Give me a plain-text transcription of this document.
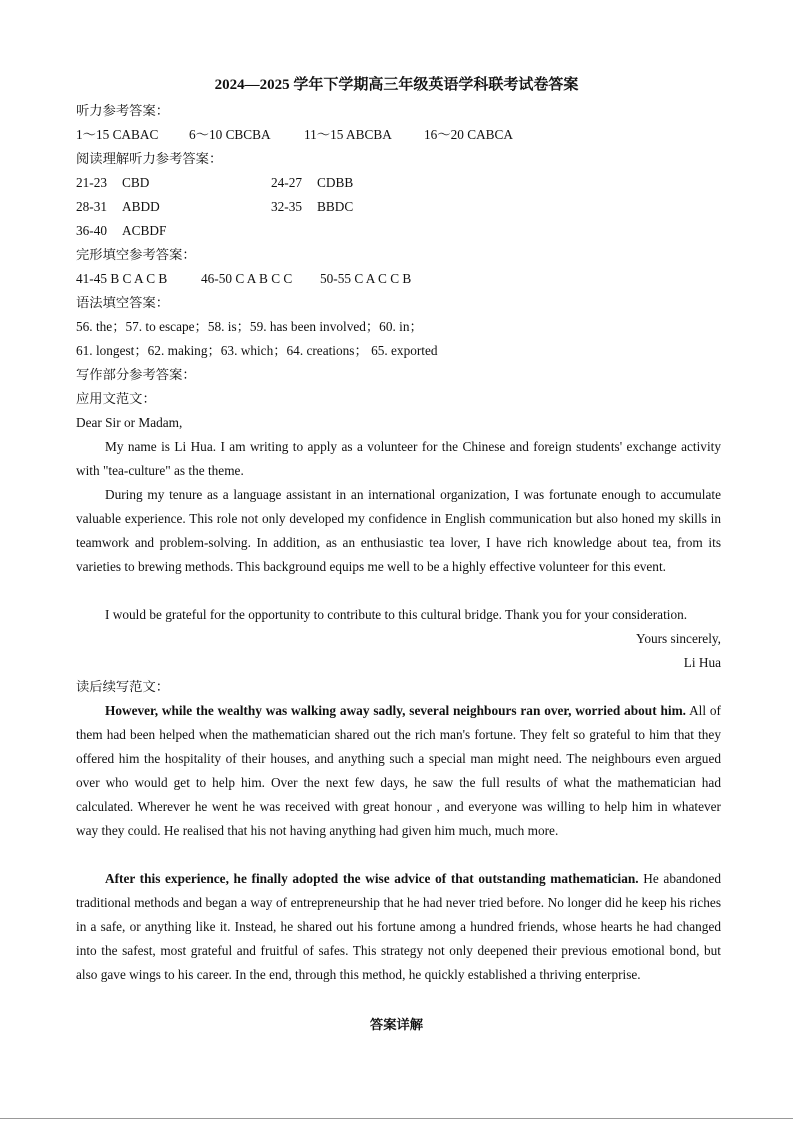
2024—2025 学年下学期高三年级英语学科联考试卷答案
听力参考答案：
1～15 CABAC 6～10 CBCBA	11～15 ABCBA 16～20 CABCA
阅读理解听力参考答案：
21-23 CBD	24-27 CDBB
28-31 ABDD	32-35 BBDC
36-40 ACBDF
完形填空参考答案：
41-45 B C A C B	46-50 C A B C C 50-55 C A C C B
语法填空答案：
56. the；57. to escape；58. is；59. has been involved；60. in；
61. longest；62. making；63. which；64. creations； 65. exported
写作部分参考答案：
应用文范文：
Dear Sir or Madam,

My name is Li Hua. I am writing to apply as a volunteer for the Chinese and foreign students' exchange activity with "tea-culture" as the theme.

During my tenure as a language assistant in an international organization, I was fortunate enough to accumulate valuable experience. This role not only developed my confidence in English communication but also honed my skills in teamwork and problem-solving. In addition, as an enthusiastic tea lover, I have rich knowledge about tea, from its varieties to brewing methods. This background equips me well to be a highly effective volunteer for this event.

I would be grateful for the opportunity to contribute to this cultural bridge. Thank you for your consideration.

Yours sincerely,
Li Hua
读后续写范文：

However, while the wealthy was walking away sadly, several neighbours ran over, worried about him. All of them had been helped when the mathematician shared out the rich man's fortune. They felt so grateful to him that they offered him the hospitality of their houses, and anything such a special man might need. The neighbours even argued over who would get to help him. Over the next few days, he saw the full results of what the mathematician had calculated. Wherever he went he was received with great honour , and everyone was willing to help him in whatever way they could. He realised that his not having anything had given him much, much more.

After this experience, he finally adopted the wise advice of that outstanding mathematician. He abandoned traditional methods and began a way of entrepreneurship that he had never tried before. No longer did he keep his riches in a safe, or anything like it. Instead, he shared out his fortune among a hundred friends, whose hearts he had changed into the safest, most grateful and fruitful of safes. This strategy not only deepened their previous emotional bond, but also gave wings to his career. In the end, through this method, he quickly established a thriving enterprise.

答案详解
